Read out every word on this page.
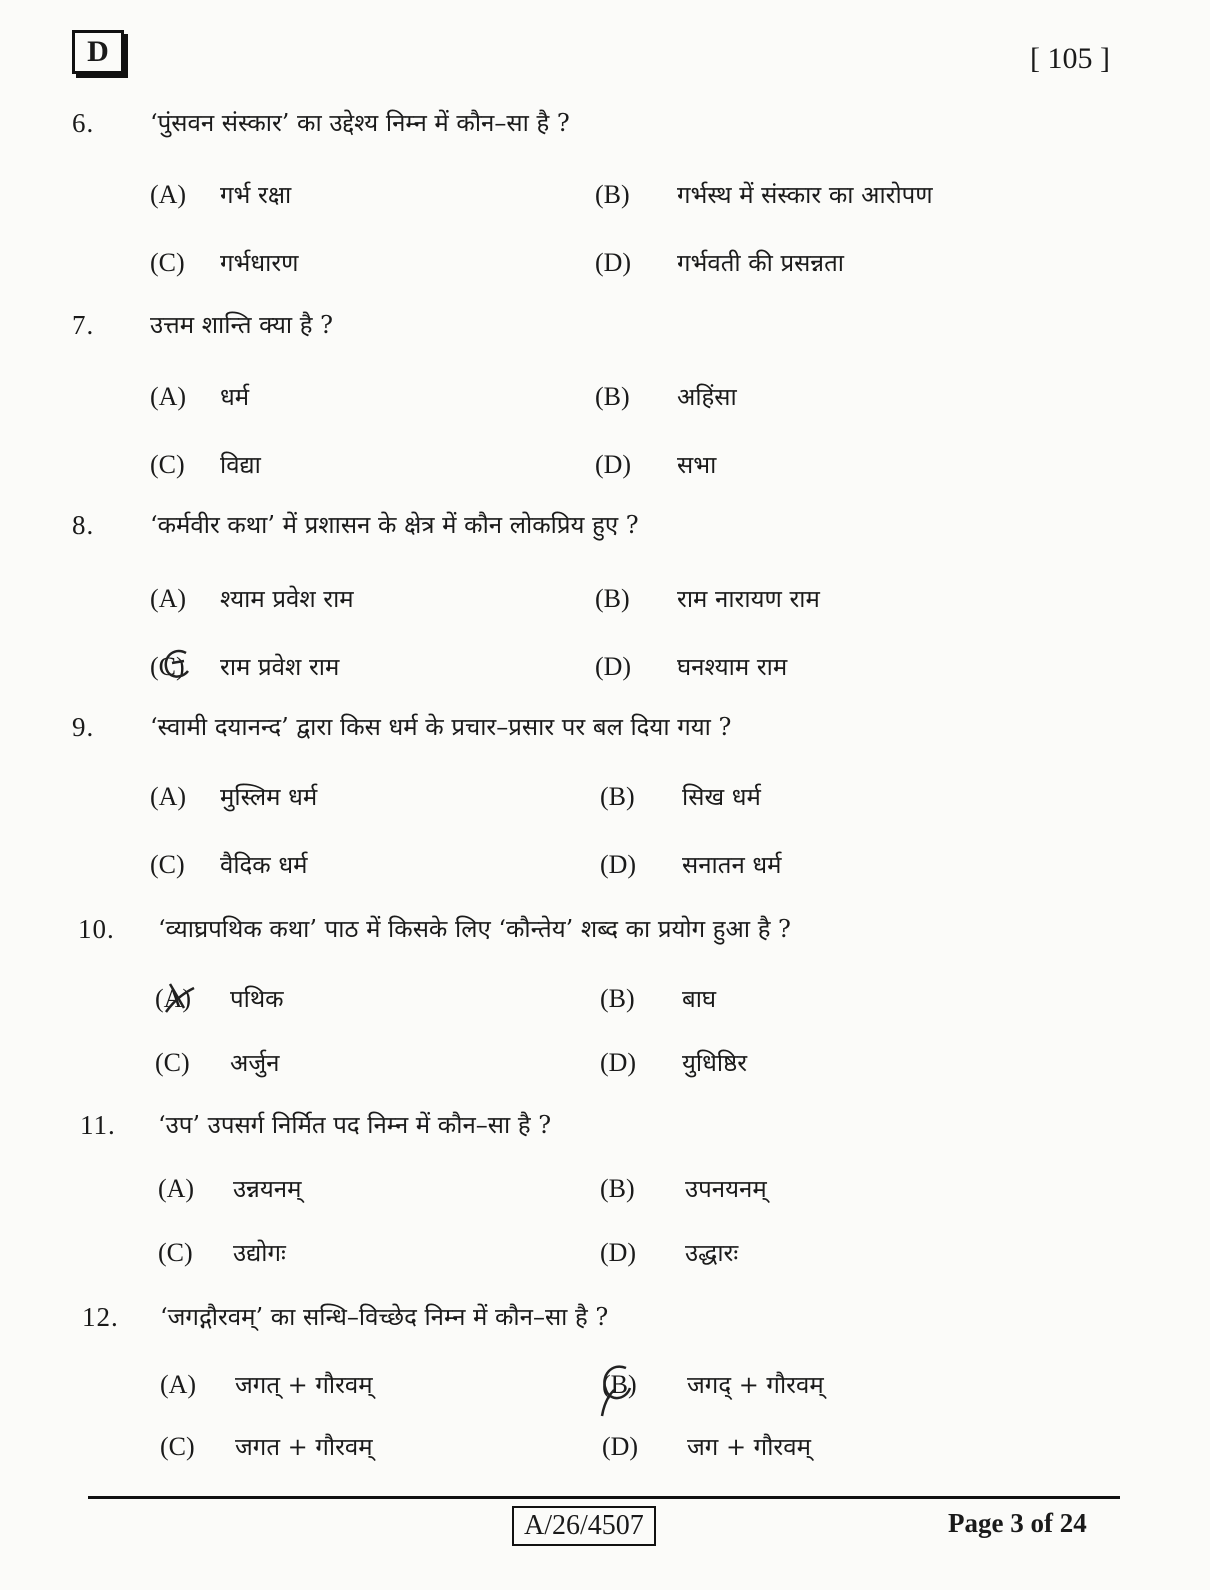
D	[ 105 ]
6. ‘पुंसवन संस्कार’ का उद्देश्य निम्न में कौन–सा है ?
(A) गर्भ रक्षा	(B) गर्भस्थ में संस्कार का आरोपण
(C) गर्भधारण	(D) गर्भवती की प्रसन्नता
7. उत्तम शान्ति क्या है ?
(A) धर्म	(B) अहिंसा
(C) विद्या	(D) सभा
8. ‘कर्मवीर कथा’ में प्रशासन के क्षेत्र में कौन लोकप्रिय हुए ?
(A) श्याम प्रवेश राम	(B) राम नारायण राम
(C) राम प्रवेश राम	(D) घनश्याम राम
9. ‘स्वामी दयानन्द’ द्वारा किस धर्म के प्रचार–प्रसार पर बल दिया गया ?
(A) मुस्लिम धर्म	(B) सिख धर्म
(C) वैदिक धर्म	(D) सनातन धर्म
10. ‘व्याघ्रपथिक कथा’ पाठ में किसके लिए ‘कौन्तेय’ शब्द का प्रयोग हुआ है ?
(A) पथिक	(B) बाघ
(C) अर्जुन	(D) युधिष्ठिर
11. ‘उप’ उपसर्ग निर्मित पद निम्न में कौन–सा है ?
(A) उन्नयनम्	(B) उपनयनम्
(C) उद्योगः	(D) उद्धारः
12. ‘जगद्गौरवम्’ का सन्धि–विच्छेद निम्न में कौन–सा है ?
(A) जगत् + गौरवम्	(B) जगद् + गौरवम्
(C) जगत + गौरवम्	(D) जग + गौरवम्
A/26/4507	Page 3 of 24
